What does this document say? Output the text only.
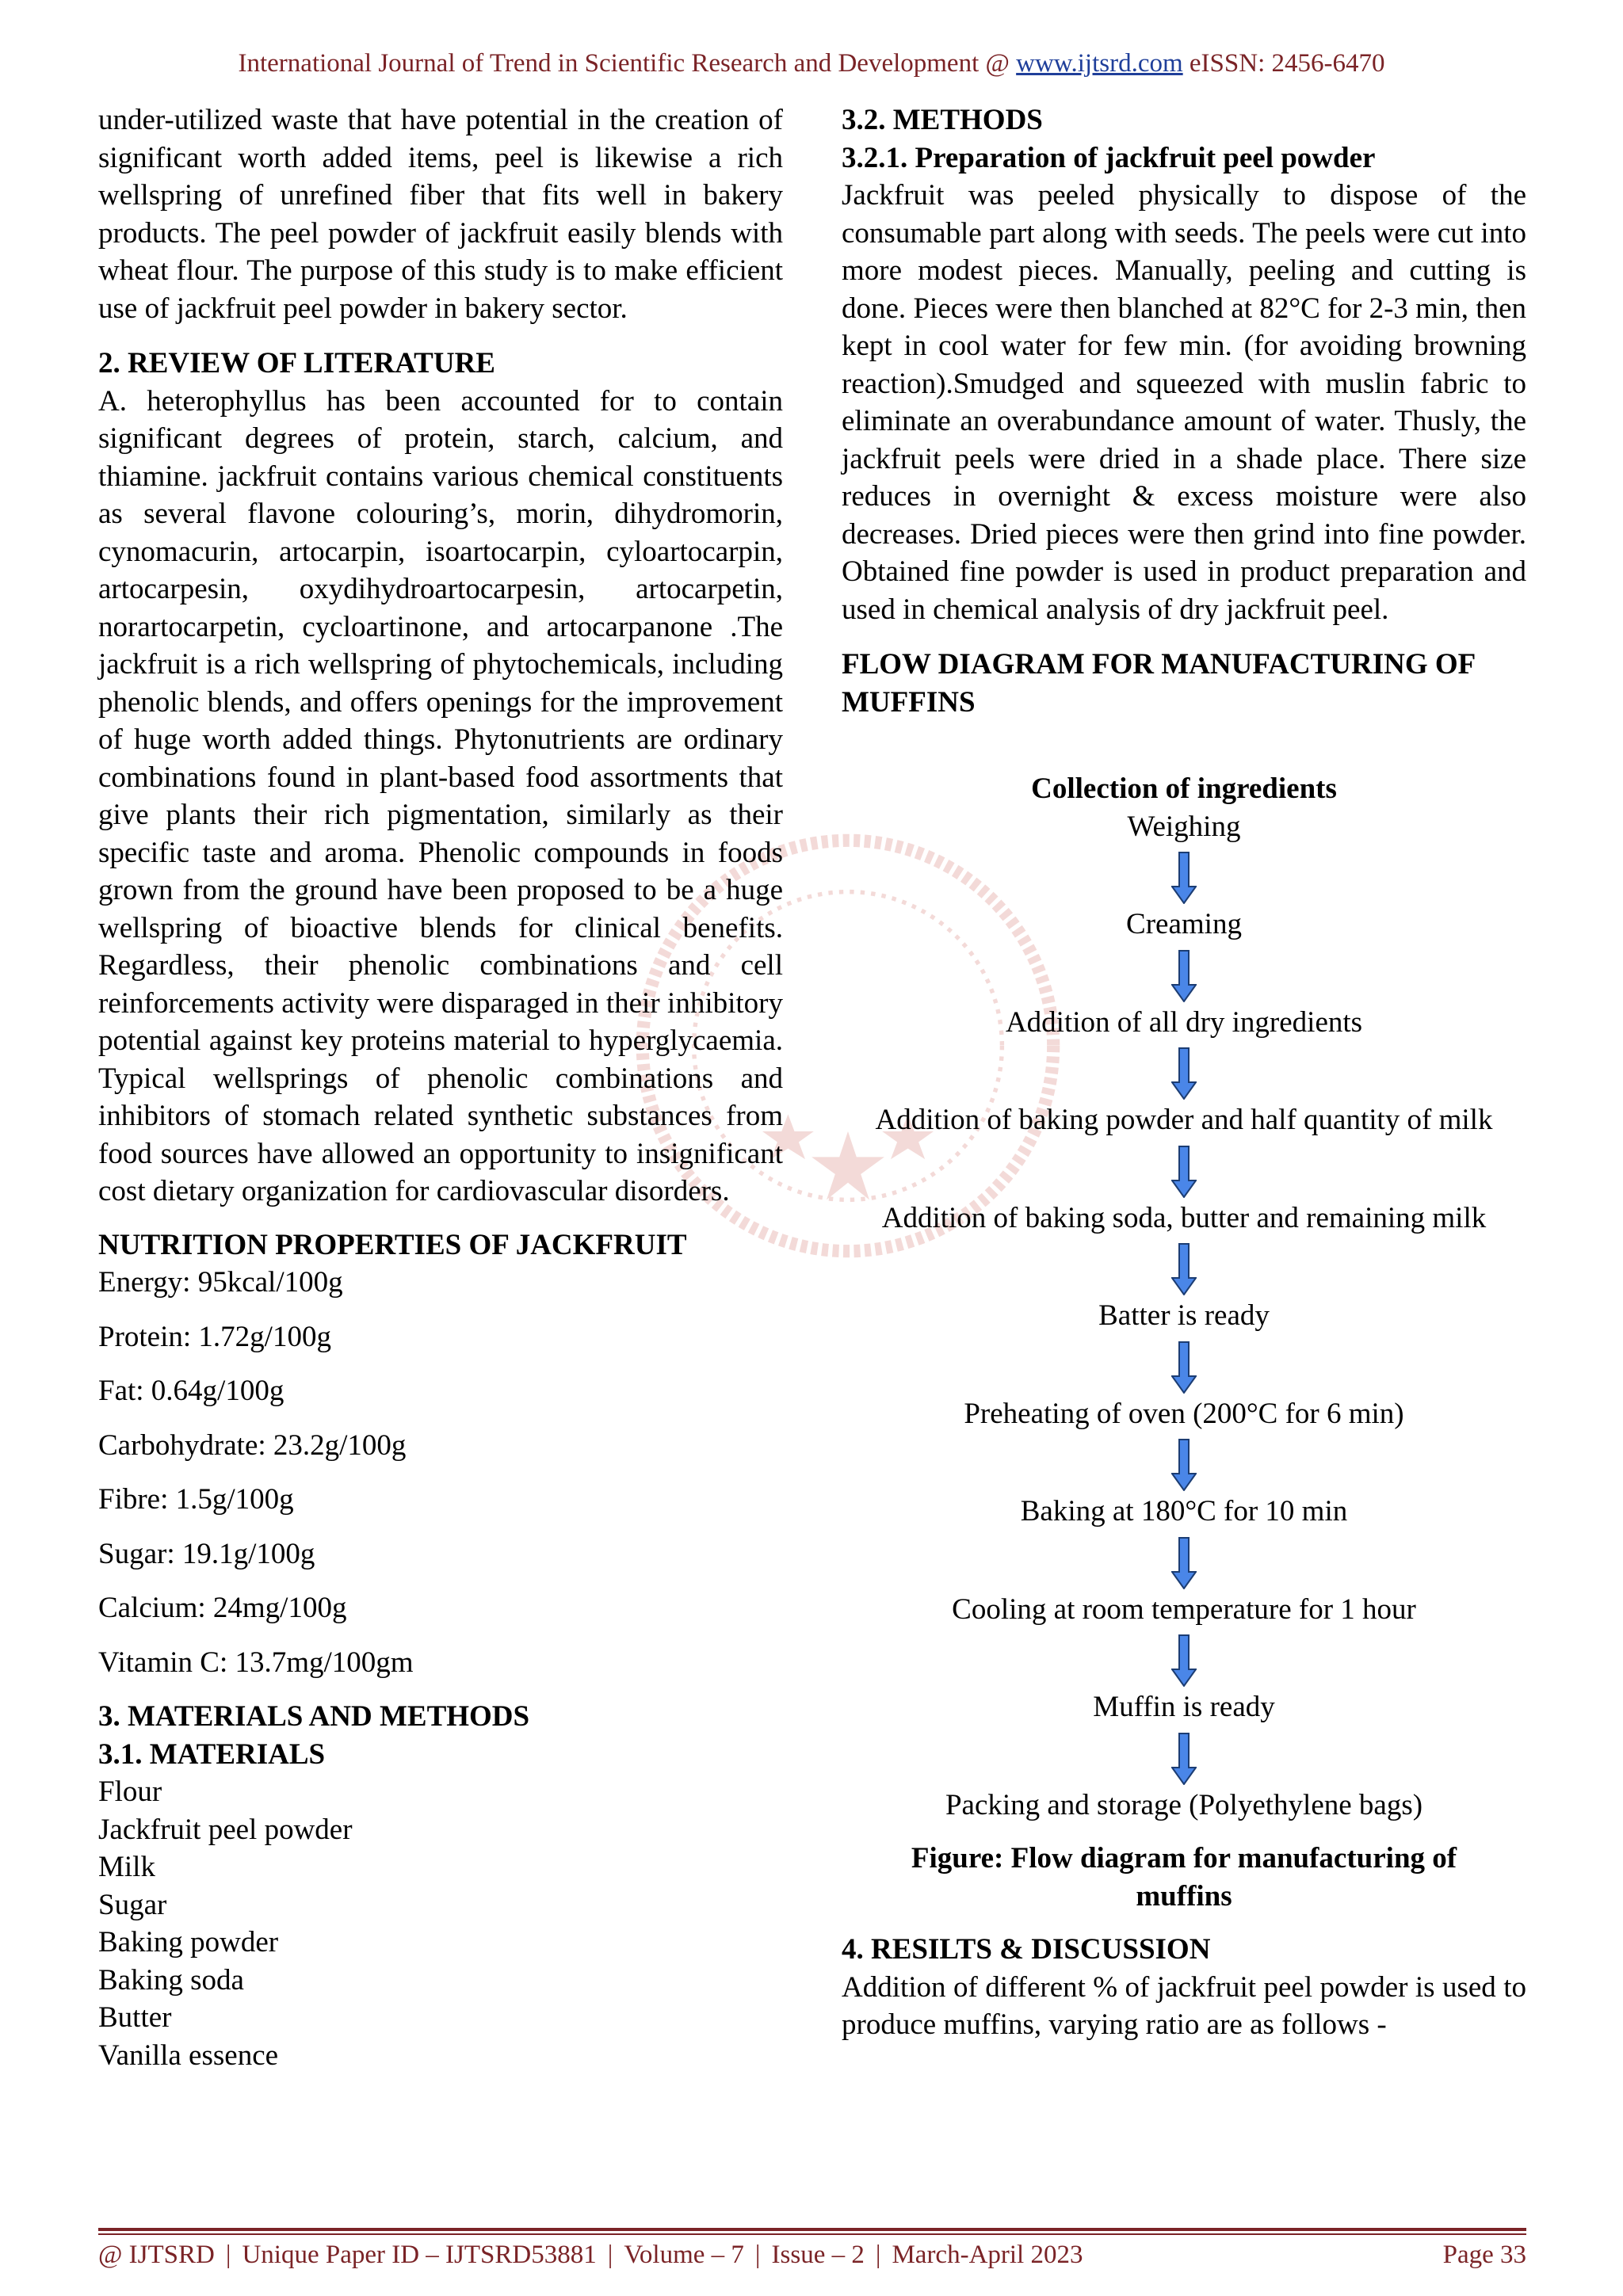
International Journal of Trend in Scientific Research and Development @ www.ijtsrd.com eISSN: 2456-6470

under-utilized waste that have potential in the creation of significant worth added items, peel is likewise a rich wellspring of unrefined fiber that fits well in bakery products. The peel powder of jackfruit easily blends with wheat flour. The purpose of this study is to make efficient use of jackfruit peel powder in bakery sector.

2. REVIEW OF LITERATURE

A. heterophyllus has been accounted for to contain significant degrees of protein, starch, calcium, and thiamine. jackfruit contains various chemical constituents as several flavone colouring’s, morin, dihydromorin, cynomacurin, artocarpin, isoartocarpin, cyloartocarpin, artocarpesin, oxydihydroartocarpesin, artocarpetin, norartocarpetin, cycloartinone, and artocarpanone .The jackfruit is a rich wellspring of phytochemicals, including phenolic blends, and offers openings for the improvement of huge worth added things. Phytonutrients are ordinary combinations found in plant-based food assortments that give plants their rich pigmentation, similarly as their specific taste and aroma. Phenolic compounds in foods grown from the ground have been proposed to be a huge wellspring of bioactive blends for clinical benefits. Regardless, their phenolic combinations and cell reinforcements activity were disparaged in their inhibitory potential against key proteins material to hyperglycaemia. Typical wellsprings of phenolic combinations and inhibitors of stomach related synthetic substances from food sources have allowed an opportunity to insignificant cost dietary organization for cardiovascular disorders.

NUTRITION PROPERTIES OF JACKFRUIT

Energy: 95kcal/100g

Protein: 1.72g/100g

Fat: 0.64g/100g

Carbohydrate: 23.2g/100g

Fibre: 1.5g/100g

Sugar: 19.1g/100g

Calcium: 24mg/100g

Vitamin C: 13.7mg/100gm

3. MATERIALS AND METHODS

3.1. MATERIALS

Flour

Jackfruit peel powder

Milk

Sugar

Baking powder

Baking soda

Butter

Vanilla essence

3.2. METHODS

3.2.1. Preparation of jackfruit peel powder

Jackfruit was peeled physically to dispose of the consumable part along with seeds. The peels were cut into more modest pieces. Manually, peeling and cutting is done. Pieces were then blanched at 82°C for 2-3 min, then kept in cool water for few min. (for avoiding browning reaction).Smudged and squeezed with muslin fabric to eliminate an overabundance amount of water. Thusly, the jackfruit peels were dried in a shade place. There size reduces in overnight & excess moisture were also decreases. Dried pieces were then grind into fine powder. Obtained fine powder is used in product preparation and used in chemical analysis of dry jackfruit peel.

FLOW DIAGRAM FOR MANUFACTURING OF MUFFINS

Collection of ingredients

Weighing

Creaming

Addition of all dry ingredients

Addition of baking powder and half quantity of milk

Addition of baking soda, butter and remaining milk

Batter is ready

Preheating of oven (200°C for 6 min)

Baking at 180°C for 10 min

Cooling at room temperature for 1 hour

Muffin is ready

Packing and storage (Polyethylene bags)

Figure: Flow diagram for manufacturing of muffins

4. RESILTS & DISCUSSION

Addition of different % of jackfruit peel powder is used to produce muffins, varying ratio are as follows -

@ IJTSRD | Unique Paper ID – IJTSRD53881 | Volume – 7 | Issue – 2 | March-April 2023	Page 33
